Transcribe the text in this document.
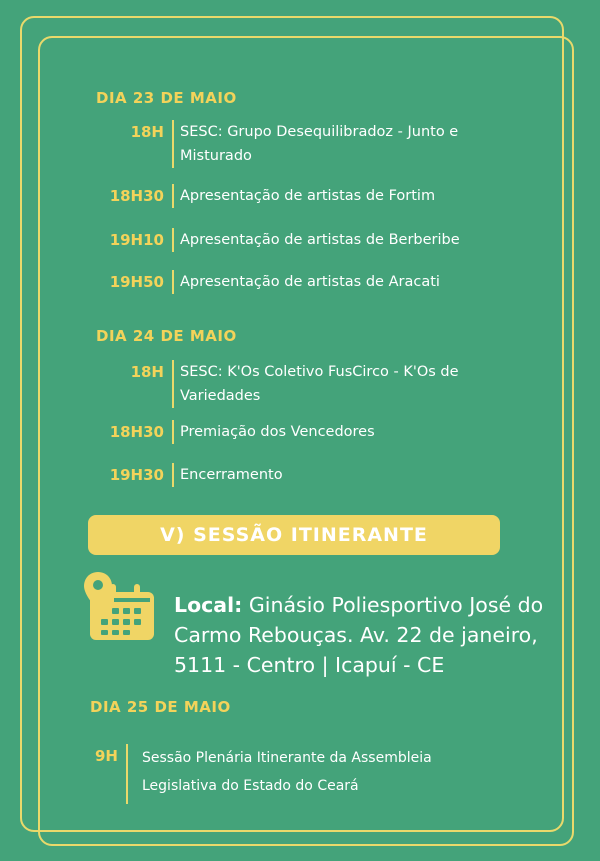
DIA 23 DE MAIO

18H	SESC: Grupo Desequilibradoz - Junto e Misturado
18H30	Apresentação de artistas de Fortim
19H10	Apresentação de artistas de Berberibe
19H50	Apresentação de artistas de Aracati

DIA 24 DE MAIO

18H	SESC: K'Os Coletivo FusCirco - K'Os de Variedades
18H30	Premiação dos Vencedores
19H30	Encerramento
V) SESSÃO ITINERANTE

Local: Ginásio Poliesportivo José do Carmo Rebouças. Av. 22 de janeiro, 5111 - Centro | Icapuí - CE

DIA 25 DE MAIO

9H	Sessão Plenária Itinerante da Assembleia Legislativa do Estado do Ceará
